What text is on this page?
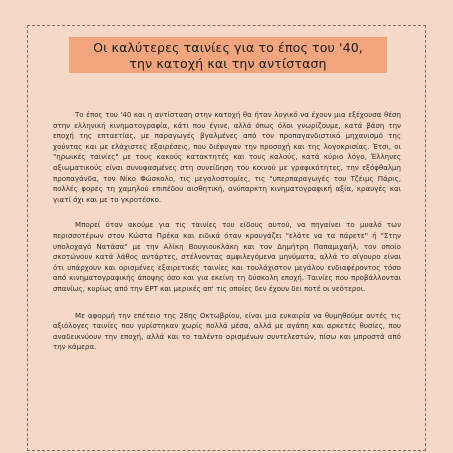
Οι καλύτερες ταινίες για το έπος του '40,
την κατοχή και την αντίσταση

Το έπος του '40 και η αντίσταση στην κατοχή θα ήταν λογικό να έχουν μια εξέχουσα θέση στην ελληνική κινηματογραφία, κάτι που έγινε, αλλά όπως όλοι γνωρίζουμε, κατά βάση την εποχή της επταετίας, με παραγωγές βγαλμένες από τον προπαγανδιστικό μηχανισμό της χούντας και με ελάχιστες εξαιρέσεις, που διέφυγαν την προσοχή και της λογοκρισίας. Έτσι, οι "ηρωικές ταινίες" με τους κακούς κατακτητές και τους καλούς, κατά κύριο λόγο, Έλληνες αξιωματικούς είναι συνυφασμένες στη συνείδηση του κοινού με γραφικότητες, την εξόφθαλμη προπαγάνδα, τον Νίκο Φώσκολο, τις μεγαλοστομίες, τις "υπερπαραγωγές του Τζέιμς Πάρις, πολλές φορές τη χαμηλού επιπέδου αισθητική, ανύπαρκτη κινηματογραφική αξία, κραυγές και γιατί όχι και με το γκροτέσκο.

Μπορεί όταν ακούμε για τις ταινίες του είδους αυτού, να πηγαίνει το μυαλό των περισσοτέρων στον Κώστα Πρέκα και ειδικά όταν κραυγάζει "ελάτε να τα πάρετε" ή "Στην υπολοχαγό Νατάσα" με την Αλίκη Βουγιουκλάκη και τον Δημήτρη Παπαμιχαήλ, τον οποίο σκοτώνουν κατά λάθος αντάρτες, στέλνοντας αμφιλεγόμενα μηνύματα, αλλά το σίγουρο είναι ότι υπάρχουν και ορισμένες εξαιρετικές ταινίες και τουλάχιστον μεγάλου ενδιαφέροντος τόσο από κινηματογραφικής άποψης όσο και για εκείνη τη δύσκολη εποχή. Ταινίες που προβάλλονται σπανίως, κυρίως από την ΕΡΤ και μερικές απ' τις οποίες δεν έχουν δει ποτέ οι νεότεροι.

Με αφορμή την επέτειο της 28ης Οκτωβρίου, είναι μια ευκαιρία να θυμηθούμε αυτές τις αξιόλογες ταινίες που γυρίστηκαν χωρίς πολλά μέσα, αλλά με αγάπη και αρκετές θυσίες, που αναδεικνύουν την εποχή, αλλά και το ταλέντο ορισμένων συντελεστών, πίσω και μπροστά από την κάμερα.
